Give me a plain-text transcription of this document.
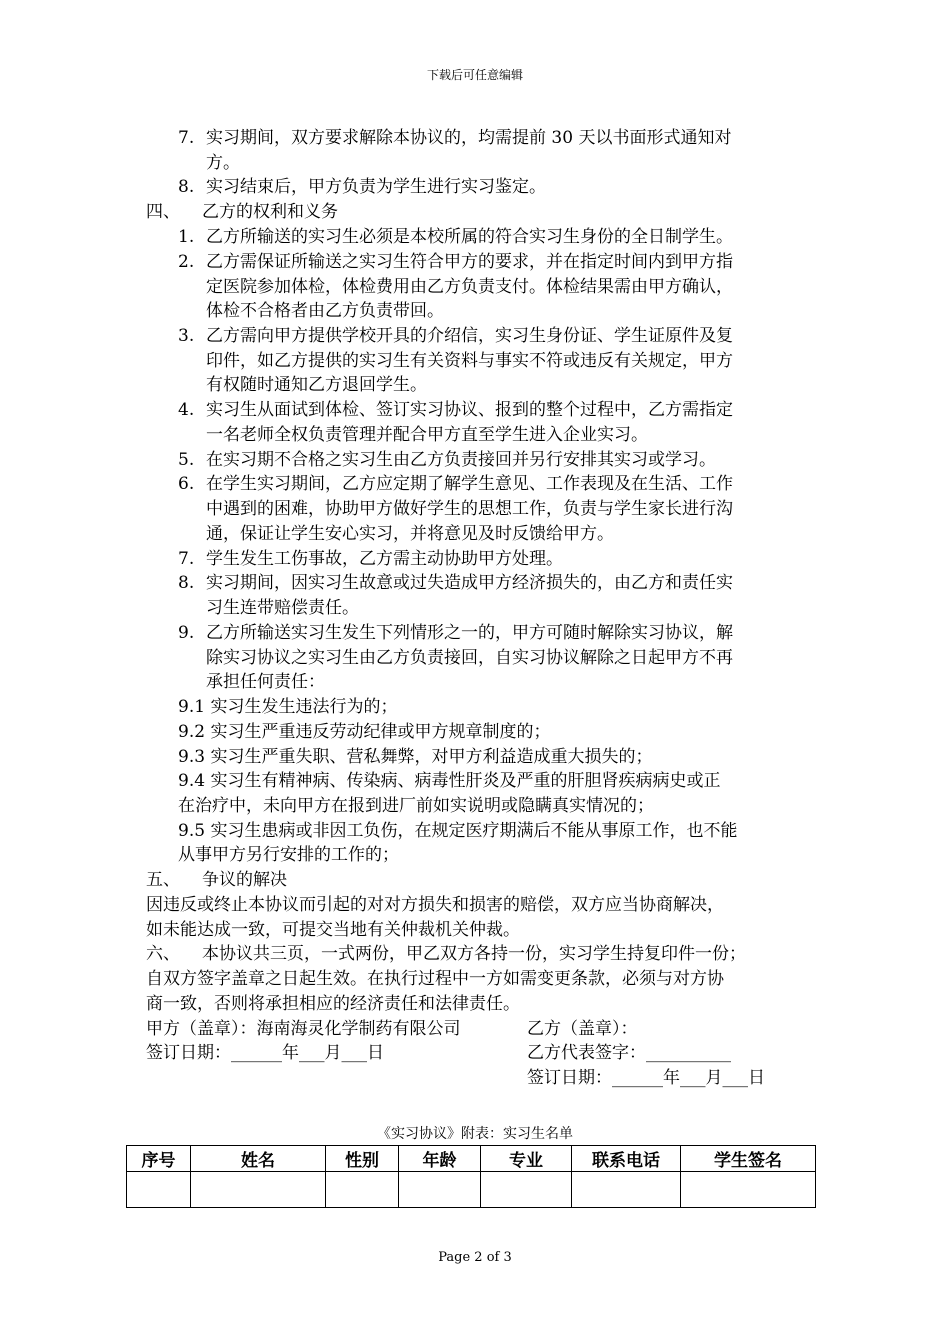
下载后可任意编辑
7. 实习期间，双方要求解除本协议的，均需提前 30 天以书面形式通知对
方。
8. 实习结束后，甲方负责为学生进行实习鉴定。
四、 乙方的权利和义务
1. 乙方所输送的实习生必须是本校所属的符合实习生身份的全日制学生。
2. 乙方需保证所输送之实习生符合甲方的要求，并在指定时间内到甲方指
定医院参加体检，体检费用由乙方负责支付。体检结果需由甲方确认，
体检不合格者由乙方负责带回。
3. 乙方需向甲方提供学校开具的介绍信，实习生身份证、学生证原件及复
印件，如乙方提供的实习生有关资料与事实不符或违反有关规定，甲方
有权随时通知乙方退回学生。
4. 实习生从面试到体检、签订实习协议、报到的整个过程中，乙方需指定
一名老师全权负责管理并配合甲方直至学生进入企业实习。
5. 在实习期不合格之实习生由乙方负责接回并另行安排其实习或学习。
6. 在学生实习期间，乙方应定期了解学生意见、工作表现及在生活、工作
中遇到的困难，协助甲方做好学生的思想工作，负责与学生家长进行沟
通，保证让学生安心实习，并将意见及时反馈给甲方。
7. 学生发生工伤事故，乙方需主动协助甲方处理。
8. 实习期间，因实习生故意或过失造成甲方经济损失的，由乙方和责任实
习生连带赔偿责任。
9. 乙方所输送实习生发生下列情形之一的，甲方可随时解除实习协议，解
除实习协议之实习生由乙方负责接回，自实习协议解除之日起甲方不再
承担任何责任：
9.1 实习生发生违法行为的；
9.2 实习生严重违反劳动纪律或甲方规章制度的；
9.3 实习生严重失职、营私舞弊，对甲方利益造成重大损失的；
9.4 实习生有精神病、传染病、病毒性肝炎及严重的肝胆肾疾病病史或正
在治疗中，未向甲方在报到进厂前如实说明或隐瞒真实情况的；
9.5 实习生患病或非因工负伤，在规定医疗期满后不能从事原工作，也不能
从事甲方另行安排的工作的；
五、 争议的解决
因违反或终止本协议而引起的对对方损失和损害的赔偿，双方应当协商解决，
如未能达成一致，可提交当地有关仲裁机关仲裁。
六、 本协议共三页，一式两份，甲乙双方各持一份，实习学生持复印件一份；
自双方签字盖章之日起生效。在执行过程中一方如需变更条款，必须与对方协
商一致，否则将承担相应的经济责任和法律责任。
甲方（盖章）：海南海灵化学制药有限公司	乙方（盖章）：
签订日期：______年___月___日	乙方代表签字：__________
签订日期：______年___月___日
《实习协议》附表：实习生名单
序号	姓名	性别	年龄	专业	联系电话	学生签名

Page 2 of 3
